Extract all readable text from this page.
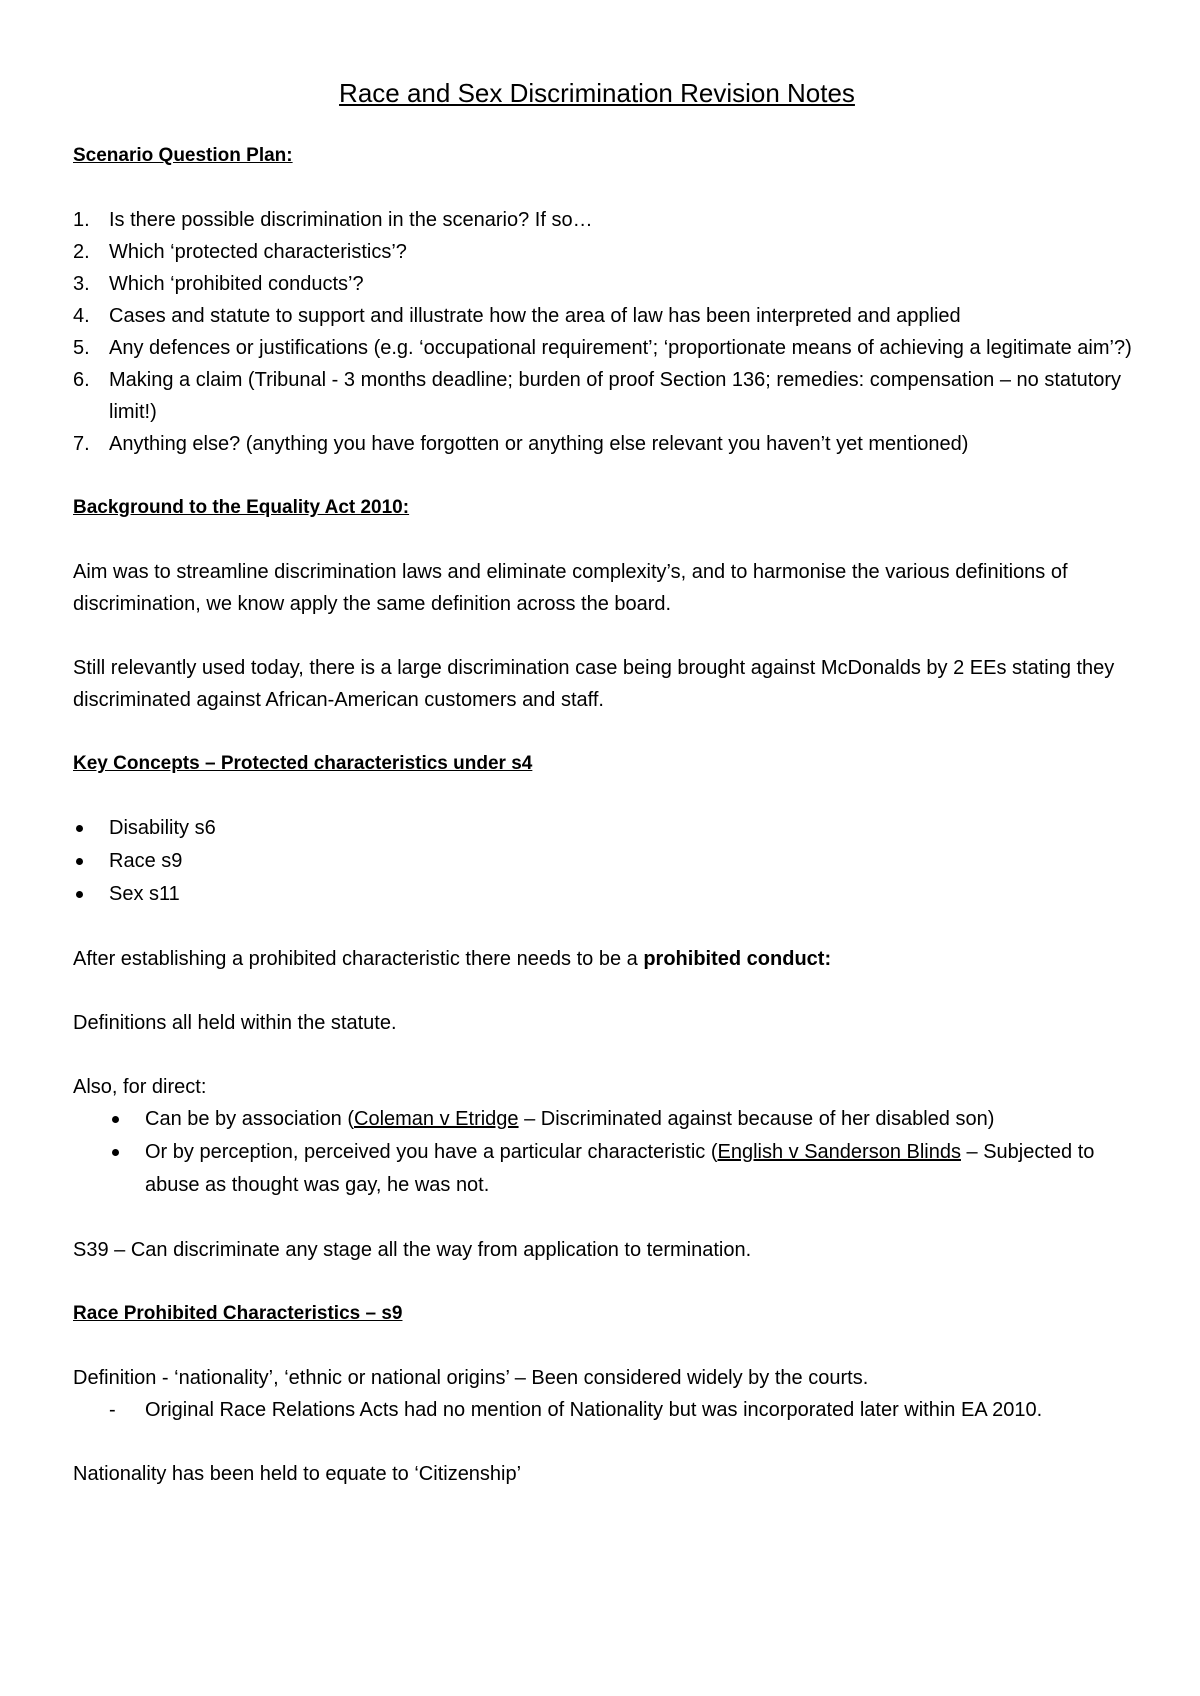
Race and Sex Discrimination Revision Notes

Scenario Question Plan:

1. Is there possible discrimination in the scenario? If so…
2. Which ‘protected characteristics’?
3. Which ‘prohibited conducts’?
4. Cases and statute to support and illustrate how the area of law has been interpreted and applied
5. Any defences or justifications (e.g. ‘occupational requirement’; ‘proportionate means of achieving a legitimate aim’?)
6. Making a claim (Tribunal - 3 months deadline; burden of proof Section 136; remedies: compensation – no statutory limit!)
7. Anything else? (anything you have forgotten or anything else relevant you haven’t yet mentioned)

Background to the Equality Act 2010:

Aim was to streamline discrimination laws and eliminate complexity’s, and to harmonise the various definitions of discrimination, we know apply the same definition across the board.

Still relevantly used today, there is a large discrimination case being brought against McDonalds by 2 EEs stating they discriminated against African-American customers and staff.

Key Concepts – Protected characteristics under s4

Disability s6
Race s9
Sex s11

After establishing a prohibited characteristic there needs to be a prohibited conduct:

Definitions all held within the statute.

Also, for direct:

Can be by association (Coleman v Etridge – Discriminated against because of her disabled son)
Or by perception, perceived you have a particular characteristic (English v Sanderson Blinds – Subjected to abuse as thought was gay, he was not.

S39 – Can discriminate any stage all the way from application to termination.

Race Prohibited Characteristics – s9

Definition - ‘nationality’, ‘ethnic or national origins’ – Been considered widely by the courts.

- Original Race Relations Acts had no mention of Nationality but was incorporated later within EA 2010.

Nationality has been held to equate to ‘Citizenship’
